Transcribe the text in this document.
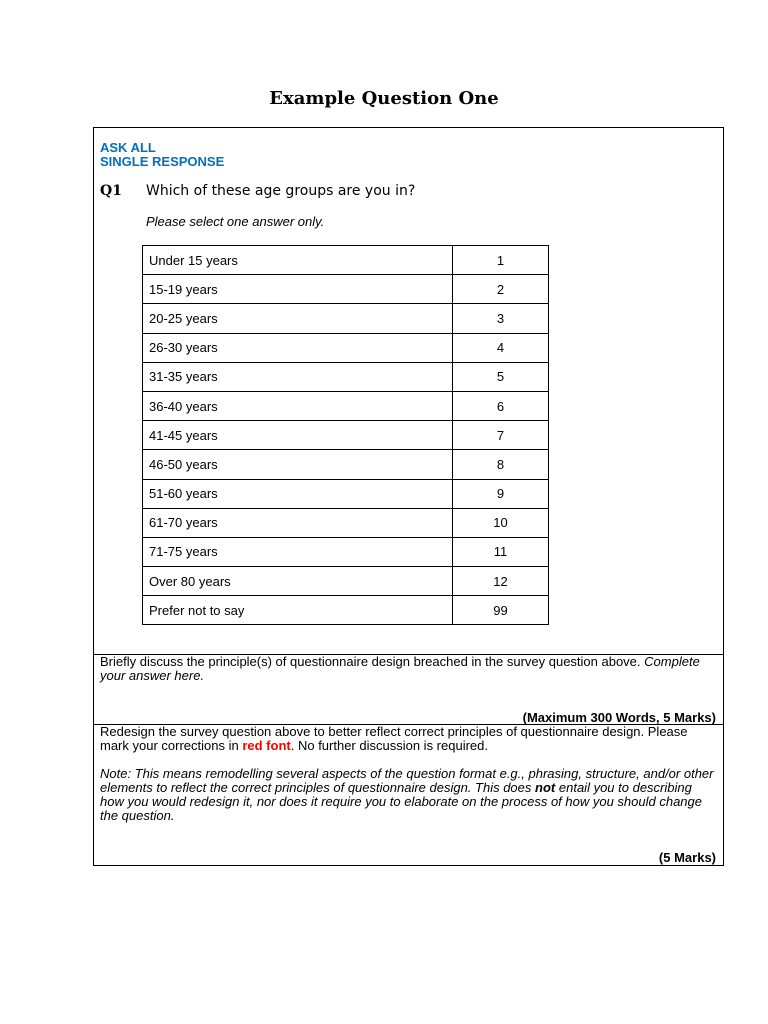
Example Question One
ASK ALL
SINGLE RESPONSE
Q1 Which of these age groups are you in?
Please select one answer only.
Under 15 years	1
15-19 years	2
20-25 years	3
26-30 years	4
31-35 years	5
36-40 years	6
41-45 years	7
46-50 years	8
51-60 years	9
61-70 years	10
71-75 years	11
Over 80 years	12
Prefer not to say	99
Briefly discuss the principle(s) of questionnaire design breached in the survey question above. Complete your answer here.
(Maximum 300 Words, 5 Marks)
Redesign the survey question above to better reflect correct principles of questionnaire design. Please mark your corrections in red font. No further discussion is required.
Note: This means remodelling several aspects of the question format e.g., phrasing, structure, and/or other elements to reflect the correct principles of questionnaire design. This does not entail you to describing how you would redesign it, nor does it require you to elaborate on the process of how you should change the question.
(5 Marks)
